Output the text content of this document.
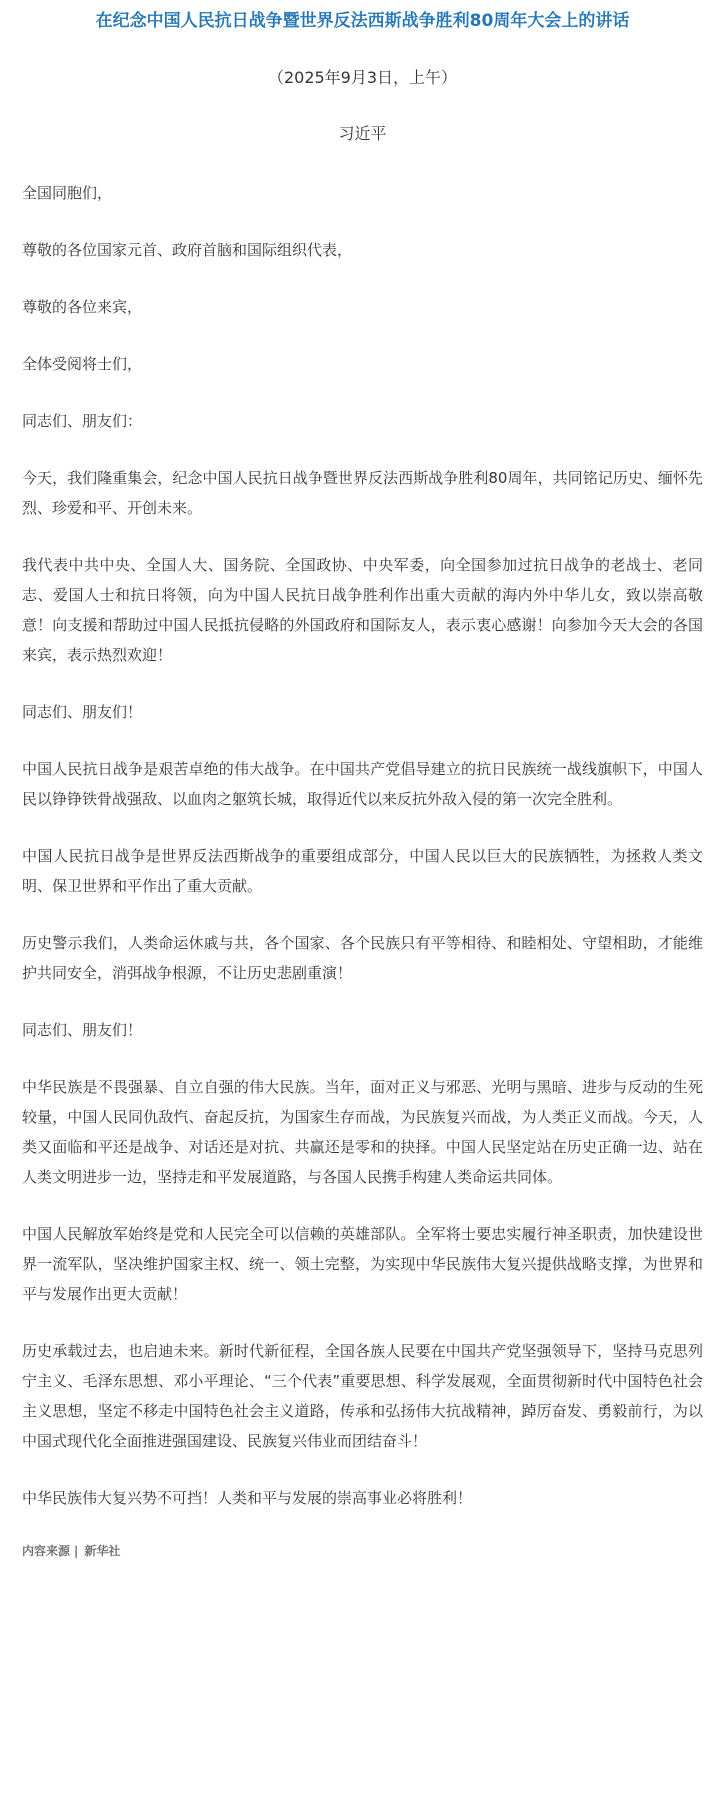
在纪念中国人民抗日战争暨世界反法西斯战争胜利80周年大会上的讲话

（2025年9月3日，上午）

习近平

全国同胞们，

尊敬的各位国家元首、政府首脑和国际组织代表，

尊敬的各位来宾，

全体受阅将士们，

同志们、朋友们：

今天，我们隆重集会，纪念中国人民抗日战争暨世界反法西斯战争胜利80周年，共同铭记历史、缅怀先烈、珍爱和平、开创未来。

我代表中共中央、全国人大、国务院、全国政协、中央军委，向全国参加过抗日战争的老战士、老同志、爱国人士和抗日将领，向为中国人民抗日战争胜利作出重大贡献的海内外中华儿女，致以崇高敬意！向支援和帮助过中国人民抵抗侵略的外国政府和国际友人，表示衷心感谢！向参加今天大会的各国来宾，表示热烈欢迎！

同志们、朋友们！

中国人民抗日战争是艰苦卓绝的伟大战争。在中国共产党倡导建立的抗日民族统一战线旗帜下，中国人民以铮铮铁骨战强敌、以血肉之躯筑长城，取得近代以来反抗外敌入侵的第一次完全胜利。

中国人民抗日战争是世界反法西斯战争的重要组成部分，中国人民以巨大的民族牺牲，为拯救人类文明、保卫世界和平作出了重大贡献。

历史警示我们，人类命运休戚与共，各个国家、各个民族只有平等相待、和睦相处、守望相助，才能维护共同安全，消弭战争根源，不让历史悲剧重演！

同志们、朋友们！

中华民族是不畏强暴、自立自强的伟大民族。当年，面对正义与邪恶、光明与黑暗、进步与反动的生死较量，中国人民同仇敌忾、奋起反抗，为国家生存而战，为民族复兴而战，为人类正义而战。今天，人类又面临和平还是战争、对话还是对抗、共赢还是零和的抉择。中国人民坚定站在历史正确一边、站在人类文明进步一边，坚持走和平发展道路，与各国人民携手构建人类命运共同体。

中国人民解放军始终是党和人民完全可以信赖的英雄部队。全军将士要忠实履行神圣职责，加快建设世界一流军队，坚决维护国家主权、统一、领土完整，为实现中华民族伟大复兴提供战略支撑，为世界和平与发展作出更大贡献！

历史承载过去，也启迪未来。新时代新征程，全国各族人民要在中国共产党坚强领导下，坚持马克思列宁主义、毛泽东思想、邓小平理论、“三个代表”重要思想、科学发展观，全面贯彻新时代中国特色社会主义思想，坚定不移走中国特色社会主义道路，传承和弘扬伟大抗战精神，踔厉奋发、勇毅前行，为以中国式现代化全面推进强国建设、民族复兴伟业而团结奋斗！

中华民族伟大复兴势不可挡！人类和平与发展的崇高事业必将胜利！

内容来源 | 新华社
